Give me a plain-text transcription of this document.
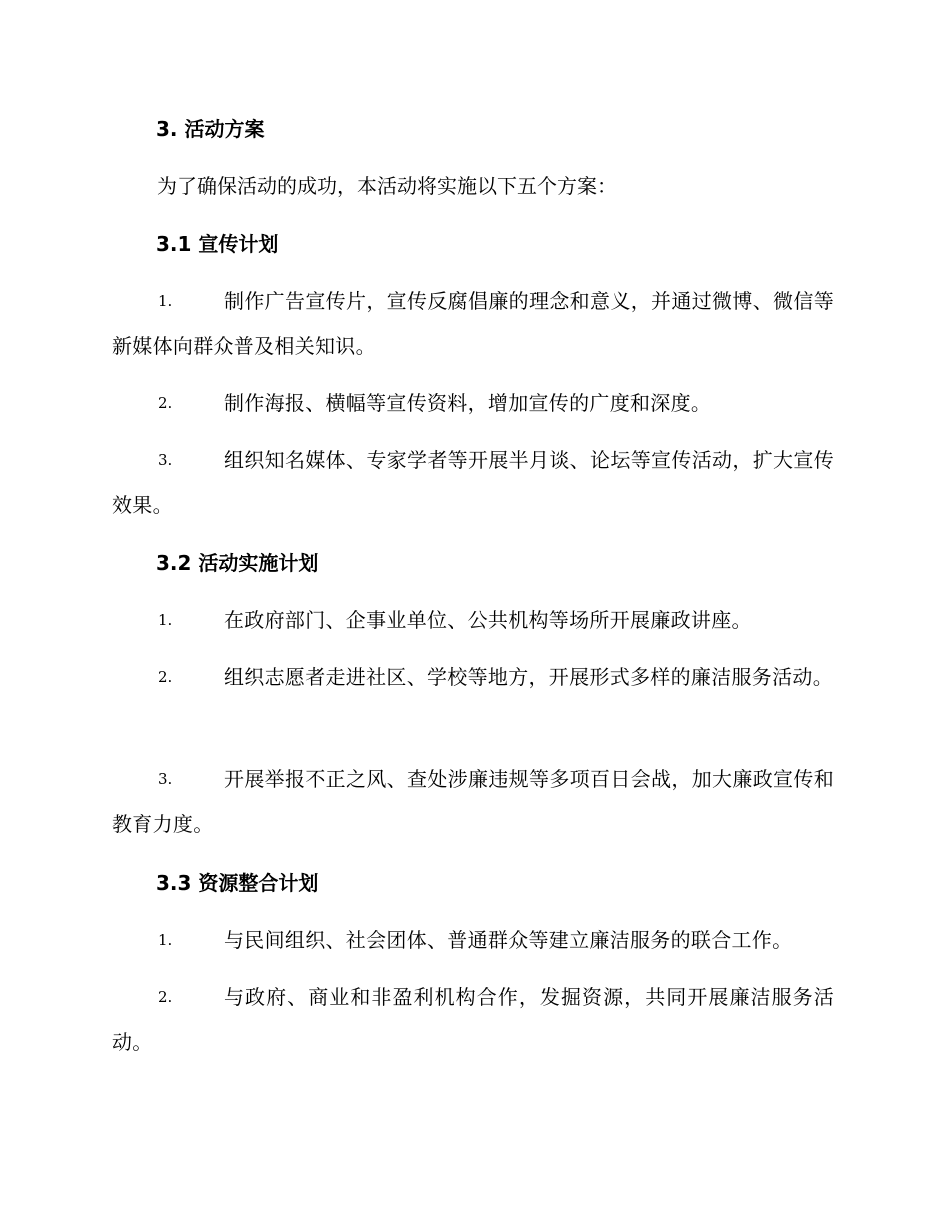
3. 活动方案
为了确保活动的成功，本活动将实施以下五个方案：
3.1 宣传计划
1.	制作广告宣传片，宣传反腐倡廉的理念和意义，并通过微博、微信等新媒体向群众普及相关知识。
2.	制作海报、横幅等宣传资料，增加宣传的广度和深度。
3.	组织知名媒体、专家学者等开展半月谈、论坛等宣传活动，扩大宣传效果。
3.2 活动实施计划
1.	在政府部门、企事业单位、公共机构等场所开展廉政讲座。
2.	组织志愿者走进社区、学校等地方，开展形式多样的廉洁服务活动。
3.	开展举报不正之风、查处涉廉违规等多项百日会战，加大廉政宣传和教育力度。
3.3 资源整合计划
1.	与民间组织、社会团体、普通群众等建立廉洁服务的联合工作。
2.	与政府、商业和非盈利机构合作，发掘资源，共同开展廉洁服务活动。
